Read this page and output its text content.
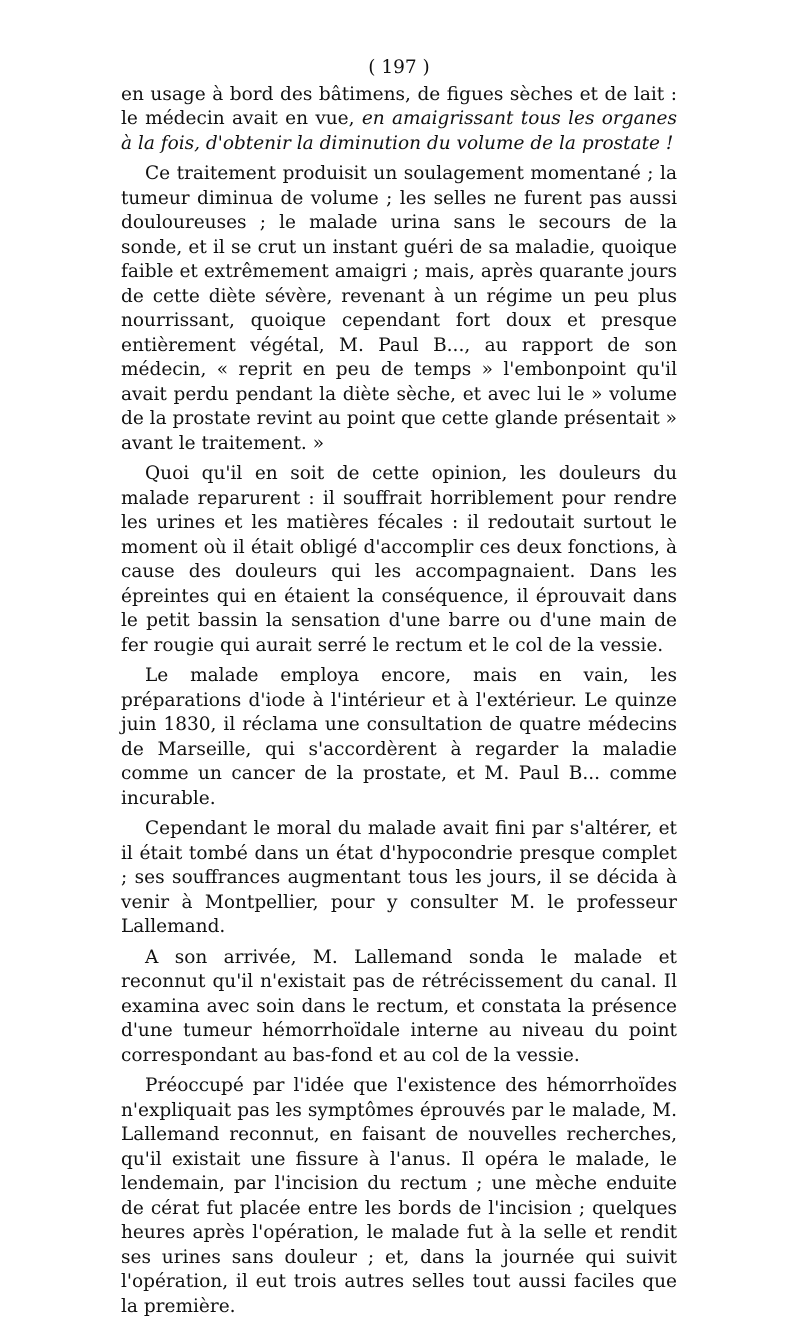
( 197 )

en usage à bord des bâtimens, de figues sèches et de lait : le médecin avait en vue, en amaigrissant tous les organes à la fois, d'obtenir la diminution du volume de la prostate !

Ce traitement produisit un soulagement momentané ; la tumeur diminua de volume ; les selles ne furent pas aussi douloureuses ; le malade urina sans le secours de la sonde, et il se crut un instant guéri de sa maladie, quoique faible et extrêmement amaigri ; mais, après quarante jours de cette diète sévère, revenant à un régime un peu plus nourrissant, quoique cependant fort doux et presque entièrement végétal, M. Paul B..., au rapport de son médecin, « reprit en peu de temps » l'embonpoint qu'il avait perdu pendant la diète sèche, et avec lui le » volume de la prostate revint au point que cette glande présentait » avant le traitement. »

Quoi qu'il en soit de cette opinion, les douleurs du malade reparurent : il souffrait horriblement pour rendre les urines et les matières fécales : il redoutait surtout le moment où il était obligé d'accomplir ces deux fonctions, à cause des douleurs qui les accompagnaient. Dans les épreintes qui en étaient la conséquence, il éprouvait dans le petit bassin la sensation d'une barre ou d'une main de fer rougie qui aurait serré le rectum et le col de la vessie.

Le malade employa encore, mais en vain, les préparations d'iode à l'intérieur et à l'extérieur. Le quinze juin 1830, il réclama une consultation de quatre médecins de Marseille, qui s'accordèrent à regarder la maladie comme un cancer de la prostate, et M. Paul B... comme incurable.

Cependant le moral du malade avait fini par s'altérer, et il était tombé dans un état d'hypocondrie presque complet ; ses souffrances augmentant tous les jours, il se décida à venir à Montpellier, pour y consulter M. le professeur Lallemand.

A son arrivée, M. Lallemand sonda le malade et reconnut qu'il n'existait pas de rétrécissement du canal. Il examina avec soin dans le rectum, et constata la présence d'une tumeur hémorrhoïdale interne au niveau du point correspondant au bas-fond et au col de la vessie.

Préoccupé par l'idée que l'existence des hémorrhoïdes n'expliquait pas les symptômes éprouvés par le malade, M. Lallemand reconnut, en faisant de nouvelles recherches, qu'il existait une fissure à l'anus. Il opéra le malade, le lendemain, par l'incision du rectum ; une mèche enduite de cérat fut placée entre les bords de l'incision ; quelques heures après l'opération, le malade fut à la selle et rendit ses urines sans douleur ; et, dans la journée qui suivit l'opération, il eut trois autres selles tout aussi faciles que la première.
